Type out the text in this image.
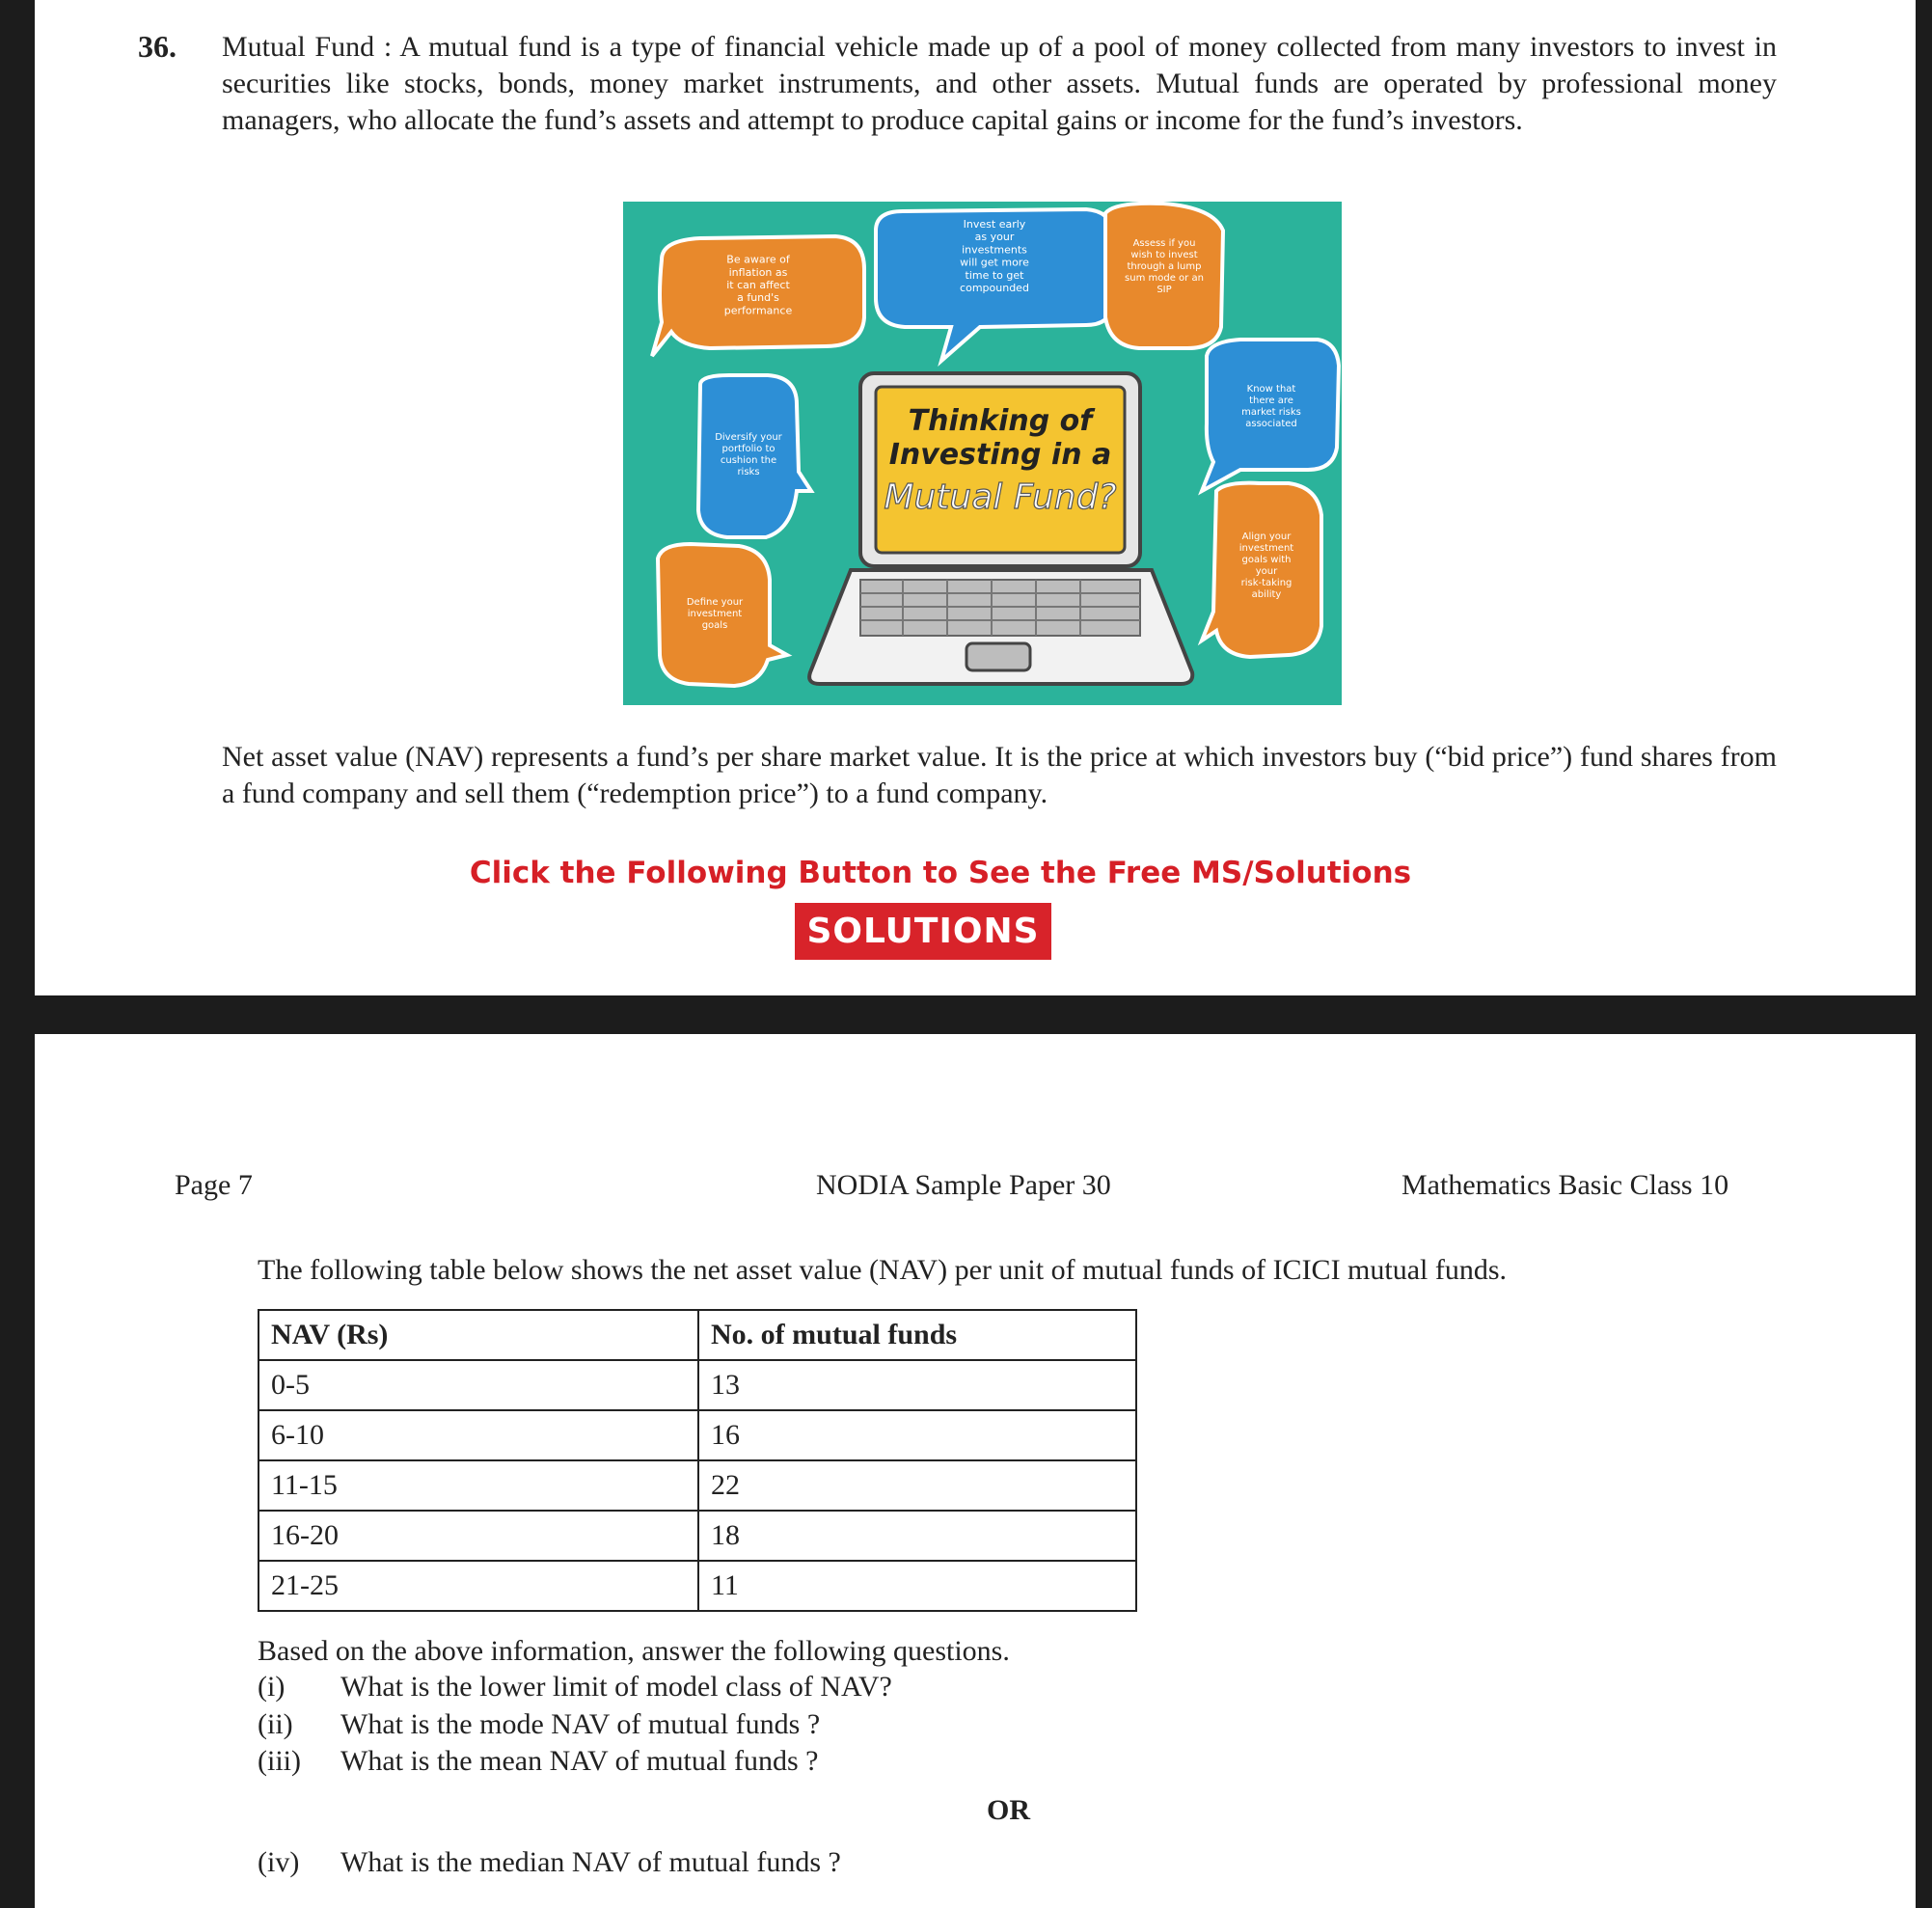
36. Mutual Fund : A mutual fund is a type of financial vehicle made up of a pool of money collected from many investors to invest in securities like stocks, bonds, money market instruments, and other assets. Mutual funds are operated by professional money managers, who allocate the fund’s assets and attempt to produce capital gains or income for the fund’s investors.
Be aware of inflation as it can affect a fund's performance
Invest early as your investments will get more time to get compounded
Assess if you wish to invest through a lump sum mode or an SIP
Know that there are market risks associated
Diversify your portfolio to cushion the risks
Align your investment goals with your risk-taking ability
Define your investment goals
Thinking of
Investing in a
Mutual Fund?
Net asset value (NAV) represents a fund’s per share market value. It is the price at which investors buy (“bid price”) fund shares from a fund company and sell them (“redemption price”) to a fund company.
Click the Following Button to See the Free MS/Solutions
SOLUTIONS
Page 7	NODIA Sample Paper 30	Mathematics Basic Class 10
The following table below shows the net asset value (NAV) per unit of mutual funds of ICICI mutual funds.
NAV (Rs)	No. of mutual funds
0-5	13
6-10	16
11-15	22
16-20	18
21-25	11
Based on the above information, answer the following questions.
(i) What is the lower limit of model class of NAV?
(ii) What is the mode NAV of mutual funds ?
(iii) What is the mean NAV of mutual funds ?
OR
(iv) What is the median NAV of mutual funds ?
